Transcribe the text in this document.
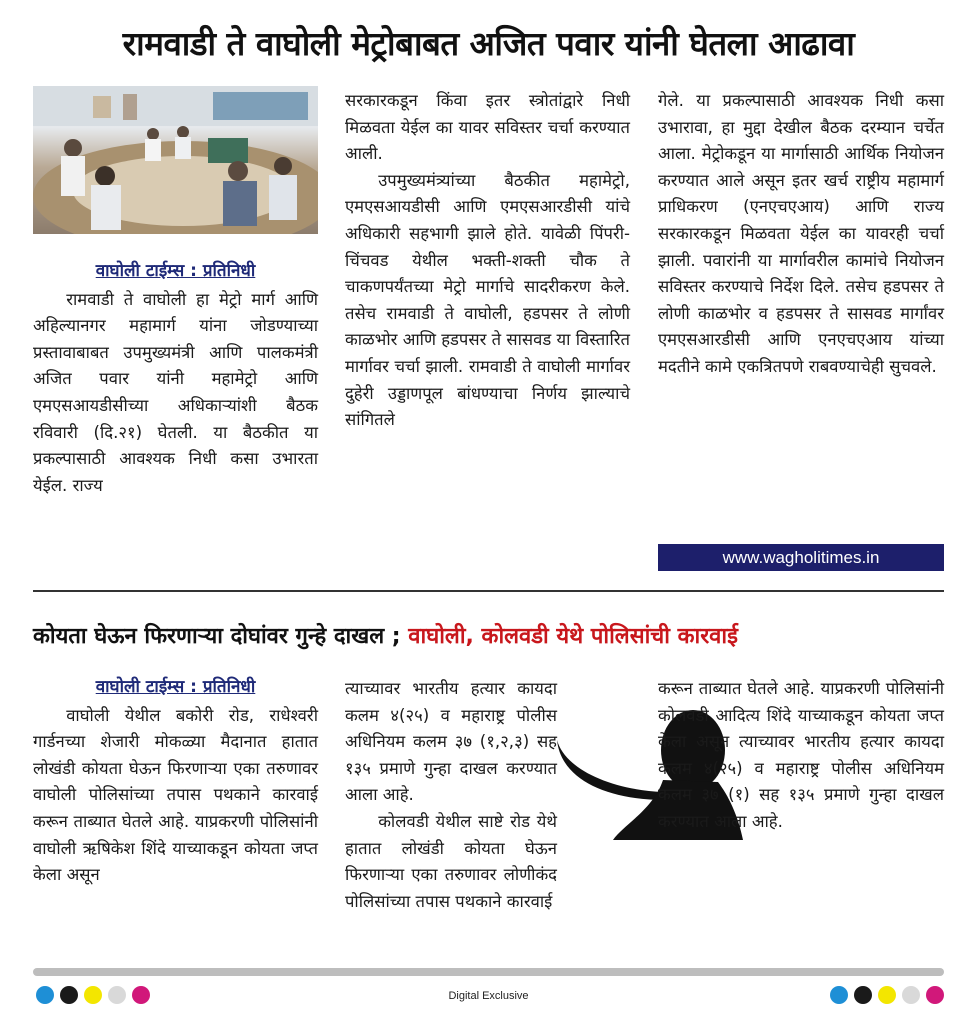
रामवाडी ते वाघोली मेट्रोबाबत अजित पवार यांनी घेतला आढावा
वाघोली टाईम्स : प्रतिनिधी

रामवाडी ते वाघोली हा मेट्रो मार्ग आणि अहिल्यानगर महामार्ग यांना जोडण्याच्या प्रस्तावाबाबत उपमुख्यमंत्री आणि पालकमंत्री अजित पवार यांनी महामेट्रो आणि एमएसआयडीसीच्या अधिकाऱ्यांशी बैठक रविवारी (दि.२१) घेतली. या बैठकीत या प्रकल्पासाठी आवश्यक निधी कसा उभारता येईल. राज्य

सरकारकडून किंवा इतर स्त्रोतांद्वारे निधी मिळवता येईल का यावर सविस्तर चर्चा करण्यात आली.

उपमुख्यमंत्र्यांच्या बैठकीत महामेट्रो, एमएसआयडीसी आणि एमएसआरडीसी यांचे अधिकारी सहभागी झाले होते. यावेळी पिंपरी-चिंचवड येथील भक्ती-शक्ती चौक ते चाकणपर्यंतच्या मेट्रो मार्गाचे सादरीकरण केले. तसेच रामवाडी ते वाघोली, हडपसर ते लोणी काळभोर आणि हडपसर ते सासवड या विस्तारित मार्गावर चर्चा झाली. रामवाडी ते वाघोली मार्गावर दुहेरी उड्डाणपूल बांधण्याचा निर्णय झाल्याचे सांगितले

गेले. या प्रकल्पासाठी आवश्यक निधी कसा उभारावा, हा मुद्दा देखील बैठक दरम्यान चर्चेत आला. मेट्रोकडून या मार्गासाठी आर्थिक नियोजन करण्यात आले असून इतर खर्च राष्ट्रीय महामार्ग प्राधिकरण (एनएचएआय) आणि राज्य सरकारकडून मिळवता येईल का यावरही चर्चा झाली. पवारांनी या मार्गावरील कामांचे नियोजन सविस्तर करण्याचे निर्देश दिले. तसेच हडपसर ते लोणी काळभोर व हडपसर ते सासवड मार्गांवर एमएसआरडीसी आणि एनएचएआय यांच्या मदतीने कामे एकत्रितपणे राबवण्याचेही सुचवले.

www.wagholitimes.in
कोयता घेऊन फिरणाऱ्या दोघांवर गुन्हे दाखल ; वाघोली, कोलवडी येथे पोलिसांची कारवाई
वाघोली टाईम्स : प्रतिनिधी

वाघोली येथील बकोरी रोड, राधेश्वरी गार्डनच्या शेजारी मोकळ्या मैदानात हातात लोखंडी कोयता घेऊन फिरणाऱ्या एका तरुणावर वाघोली पोलिसांच्या तपास पथकाने कारवाई करून ताब्यात घेतले आहे. याप्रकरणी पोलिसांनी वाघोली ऋषिकेश शिंदे याच्याकडून कोयता जप्त केला असून

त्याच्यावर भारतीय हत्यार कायदा कलम ४(२५) व महाराष्ट्र पोलीस अधिनियम कलम ३७ (१,२,३) सह १३५ प्रमाणे गुन्हा दाखल करण्यात आला आहे.

कोलवडी येथील साष्टे रोड येथे हातात लोखंडी कोयता घेऊन फिरणाऱ्या एका तरुणावर लोणीकंद पोलिसांच्या तपास पथकाने कारवाई

करून ताब्यात घेतले आहे. याप्रकरणी पोलिसांनी कोलवडी आदित्य शिंदे याच्याकडून कोयता जप्त केला असून त्याच्यावर भारतीय हत्यार कायदा कलम ४(२५) व महाराष्ट्र पोलीस अधिनियम कलम ३७ (१) सह १३५ प्रमाणे गुन्हा दाखल करण्यात आला आहे.

Digital Exclusive
